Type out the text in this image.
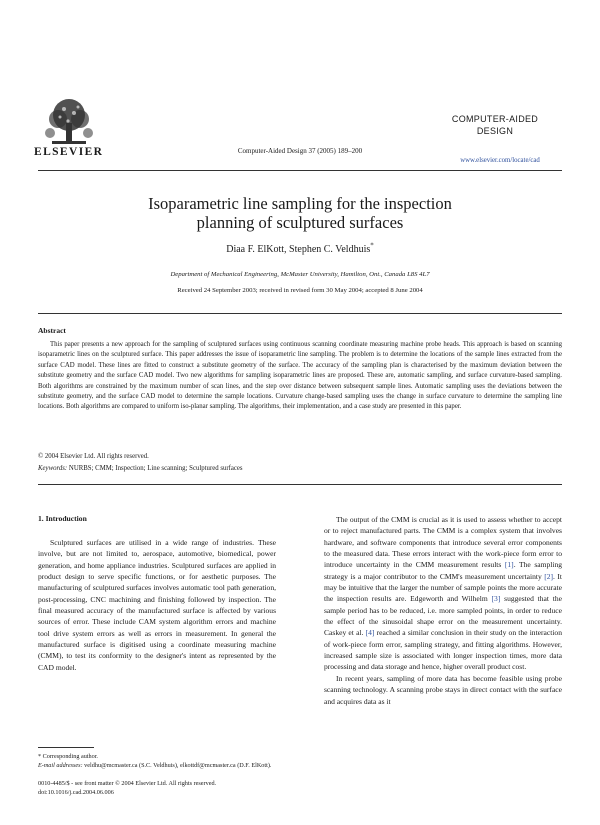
ELSEVIER	Computer-Aided Design 37 (2005) 189–200
COMPUTER-AIDED
DESIGN
www.elsevier.com/locate/cad
Isoparametric line sampling for the inspection
planning of sculptured surfaces
Diaa F. ElKott, Stephen C. Veldhuis*
Department of Mechanical Engineering, McMaster University, Hamilton, Ont., Canada L8S 4L7
Received 24 September 2003; received in revised form 30 May 2004; accepted 8 June 2004
Abstract

This paper presents a new approach for the sampling of sculptured surfaces using continuous scanning coordinate measuring machine probe heads. This approach is based on scanning isoparametric lines on the sculptured surface. This paper addresses the issue of isoparametric line sampling. The problem is to determine the locations of the sample lines extracted from the surface CAD model. These lines are fitted to construct a substitute geometry of the surface. The accuracy of the sampling plan is characterised by the maximum deviation between the substitute geometry and the surface CAD model. Two new algorithms for sampling isoparametric lines are proposed. These are, automatic sampling, and surface curvature-based sampling. Both algorithms are constrained by the maximum number of scan lines, and the step over distance between subsequent sample lines. Automatic sampling uses the deviations between the substitute geometry, and the surface CAD model to determine the sample locations. Curvature change-based sampling uses the change in surface curvature to determine the sampling line locations. Both algorithms are compared to uniform iso-planar sampling. The algorithms, their implementation, and a case study are presented in this paper.

© 2004 Elsevier Ltd. All rights reserved.
Keywords: NURBS; CMM; Inspection; Line scanning; Sculptured surfaces
1. Introduction

Sculptured surfaces are utilised in a wide range of industries. These involve, but are not limited to, aerospace, automotive, biomedical, power generation, and home appliance industries. Sculptured surfaces are applied in product design to serve specific functions, or for aesthetic purposes. The manufacturing of sculptured surfaces involves automatic tool path generation, post-processing, CNC machining and finishing followed by inspection. The final measured accuracy of the manufactured surface is affected by various sources of error. These include CAM system algorithm errors and machine tool drive system errors as well as errors in measurement. In general the manufactured surface is digitised using a coordinate measuring machine (CMM), to test its conformity to the designer's intent as represented by the CAD model.

The output of the CMM is crucial as it is used to assess whether to accept or to reject manufactured parts. The CMM is a complex system that involves hardware, and software components that introduce several error components to the measured data. These errors interact with the work-piece form error to introduce uncertainty in the CMM measurement results [1]. The sampling strategy is a major contributor to the CMM's measurement uncertainty [2]. It may be intuitive that the larger the number of sample points the more accurate the inspection results are. Edgeworth and Wilhelm [3] suggested that the sample period has to be reduced, i.e. more sampled points, in order to reduce the effect of the sinusoidal shape error on the measurement uncertainty. Caskey et al. [4] reached a similar conclusion in their study on the interaction of work-piece form error, sampling strategy, and fitting algorithms. However, increased sample size is associated with longer inspection times, more data processing and data storage and hence, higher overall product cost.

In recent years, sampling of more data has become feasible using probe scanning technology. A scanning probe stays in direct contact with the surface and acquires data as it

* Corresponding author.
E-mail addresses: veldhu@mcmaster.ca (S.C. Veldhuis), elkottdf@mcmaster.ca (D.F. ElKott).
0010-4485/$ - see front matter © 2004 Elsevier Ltd. All rights reserved.
doi:10.1016/j.cad.2004.06.006
